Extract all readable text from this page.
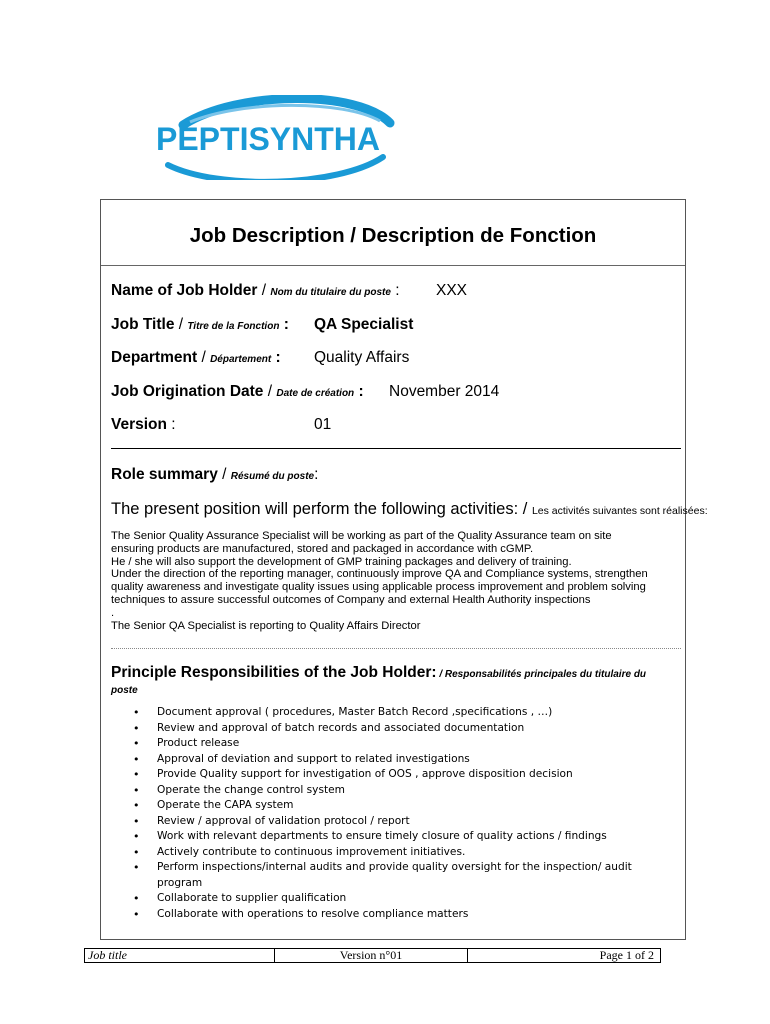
PEPTISYNTHA
Job Description / Description de Fonction
Name of Job Holder / Nom du titulaire du poste : XXX
Job Title / Titre de la Fonction : QA Specialist
Department / Département : Quality Affairs
Job Origination Date / Date de création : November 2014
Version :	01
Role summary / Résumé du poste:
The present position will perform the following activities: / Les activités suivantes sont réalisées:
The Senior Quality Assurance Specialist will be working as part of the Quality Assurance team on site
ensuring products are manufactured, stored and packaged in accordance with cGMP.
He / she will also support the development of GMP training packages and delivery of training.
Under the direction of the reporting manager, continuously improve QA and Compliance systems, strengthen
quality awareness and investigate quality issues using applicable process improvement and problem solving
techniques to assure successful outcomes of Company and external Health Authority inspections
.
The Senior QA Specialist is reporting to Quality Affairs Director
Principle Responsibilities of the Job Holder: / Responsabilités principales du titulaire du poste
• Document approval ( procedures, Master Batch Record ,specifications , …)
• Review and approval of batch records and associated documentation
• Product release
• Approval of deviation and support to related investigations
• Provide Quality support for investigation of OOS , approve disposition decision
• Operate the change control system
• Operate the CAPA system
• Review / approval of validation protocol / report
• Work with relevant departments to ensure timely closure of quality actions / findings
• Actively contribute to continuous improvement initiatives.
• Perform inspections/internal audits and provide quality oversight for the inspection/ audit program
• Collaborate to supplier qualification
• Collaborate with operations to resolve compliance matters
Job title	Version n°01	Page 1 of 2
